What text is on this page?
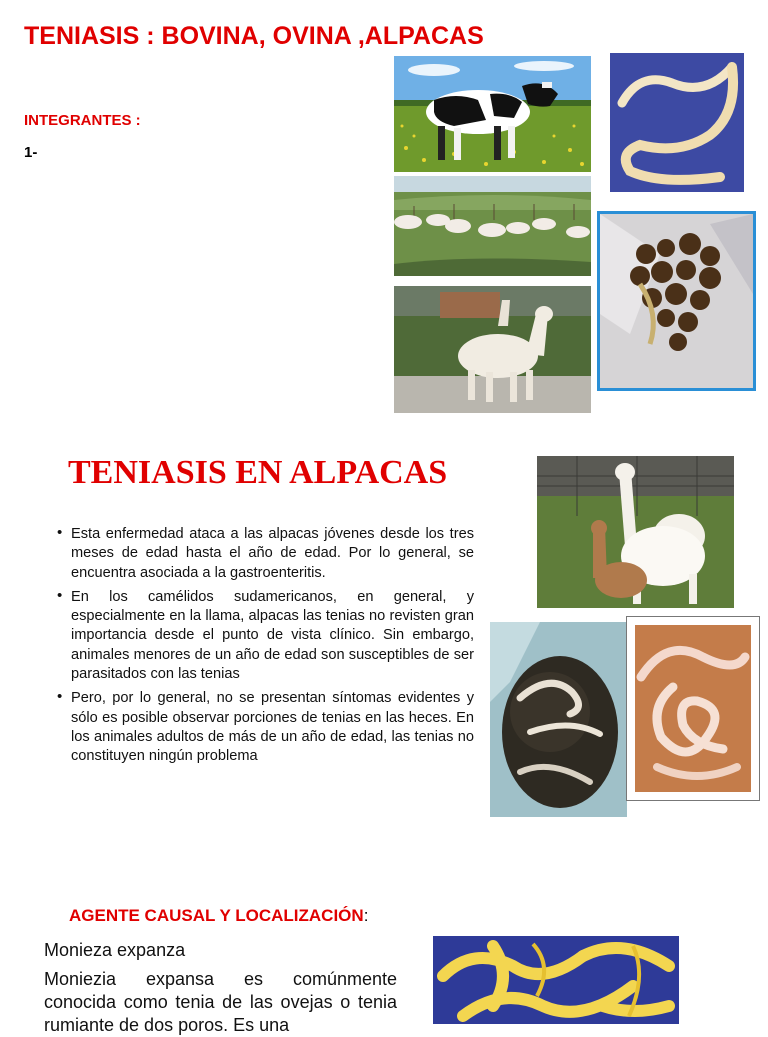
TENIASIS : BOVINA, OVINA ,ALPACAS
INTEGRANTES :
1-
TENIASIS EN ALPACAS
• Esta enfermedad ataca a las alpacas jóvenes desde los tres meses de edad hasta el año de edad. Por lo general, se encuentra asociada a la gastroenteritis.
• En los camélidos sudamericanos, en general, y especialmente en la llama, alpacas las tenias no revisten gran importancia desde el punto de vista clínico. Sin embargo, animales menores de un año de edad son susceptibles de ser parasitados con las tenias
• Pero, por lo general, no se presentan síntomas evidentes y sólo es posible observar porciones de tenias en las heces. En los animales adultos de más de un año de edad, las tenias no constituyen ningún problema
AGENTE CAUSAL Y LOCALIZACIÓN:
Monieza expanza
Moniezia expansa es comúnmente conocida como tenia de las ovejas o tenia rumiante de dos poros. Es una
